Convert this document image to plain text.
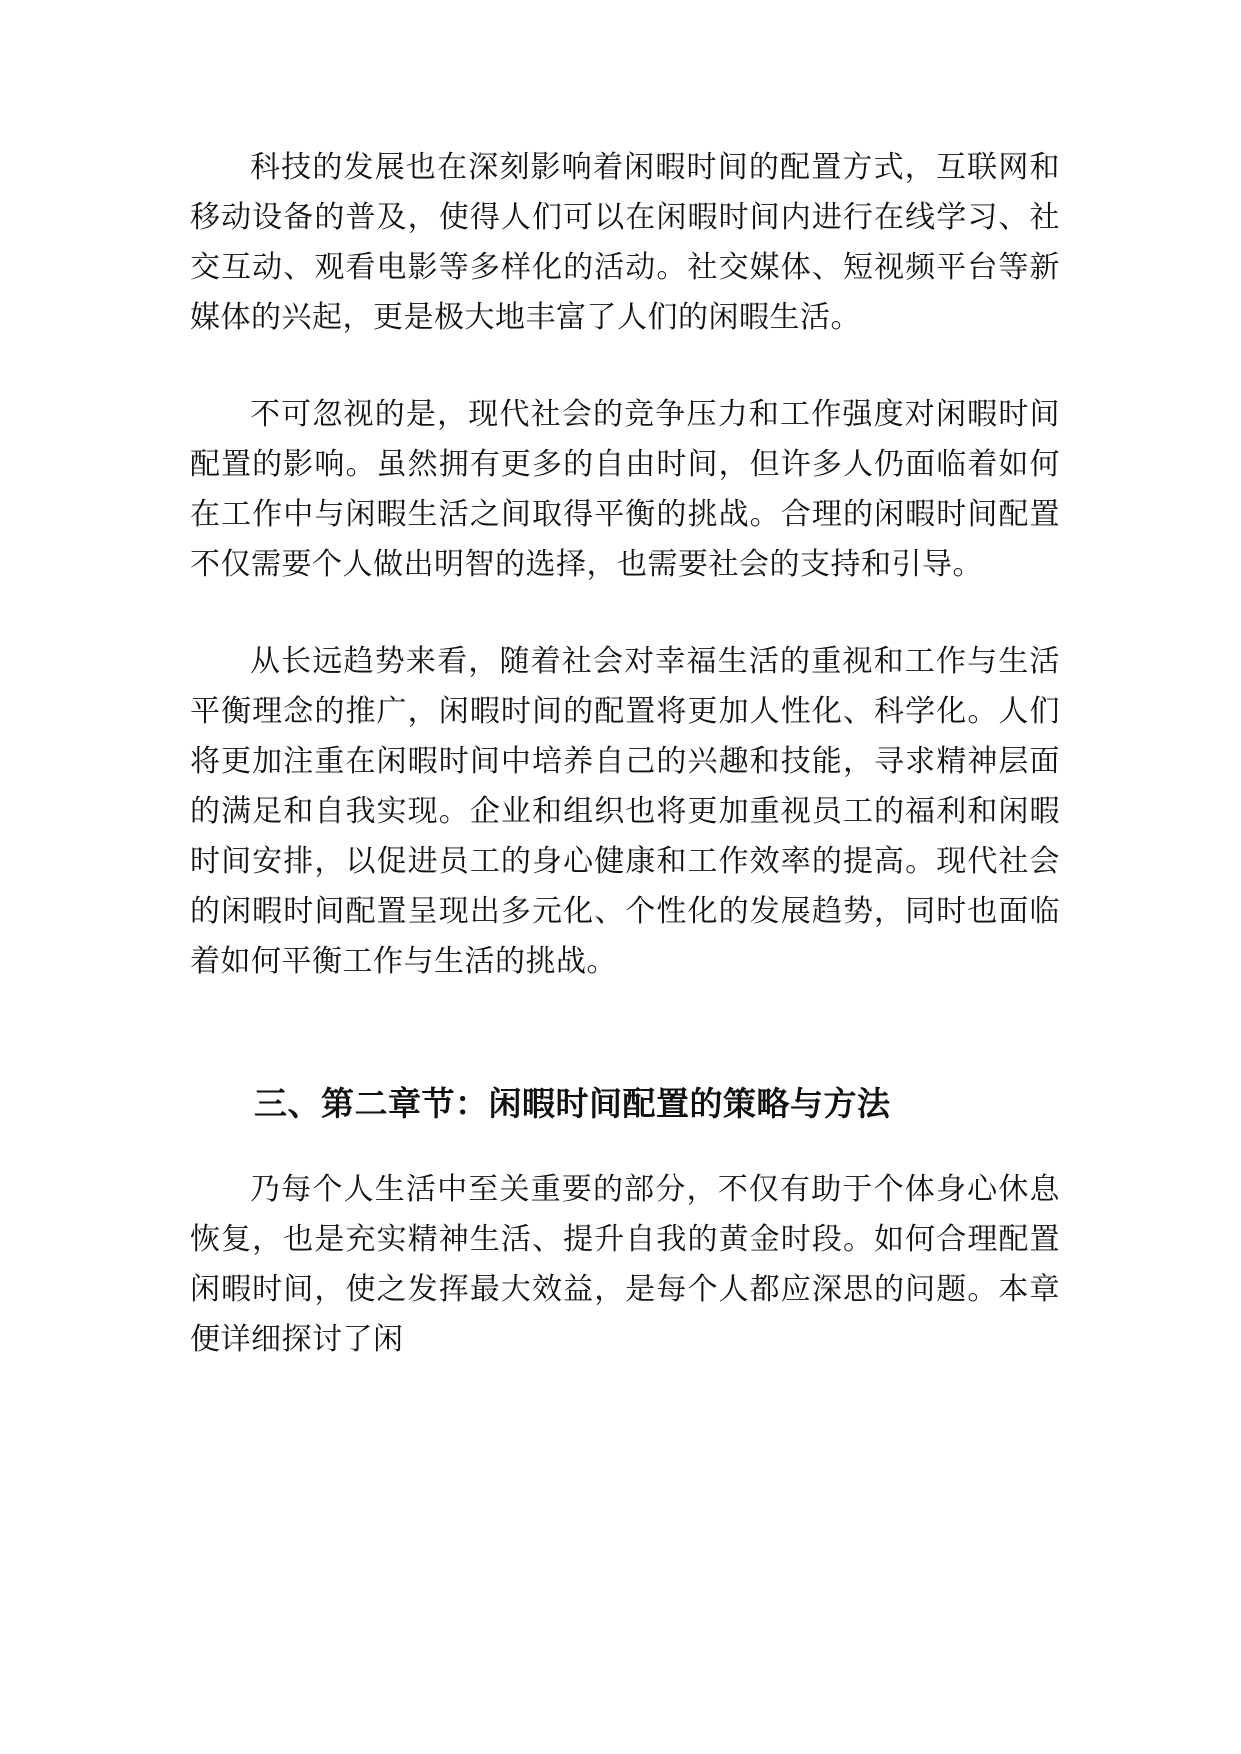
科技的发展也在深刻影响着闲暇时间的配置方式，互联网和移动设备的普及，使得人们可以在闲暇时间内进行在线学习、社交互动、观看电影等多样化的活动。社交媒体、短视频平台等新媒体的兴起，更是极大地丰富了人们的闲暇生活。

不可忽视的是，现代社会的竞争压力和工作强度对闲暇时间配置的影响。虽然拥有更多的自由时间，但许多人仍面临着如何在工作中与闲暇生活之间取得平衡的挑战。合理的闲暇时间配置不仅需要个人做出明智的选择，也需要社会的支持和引导。

从长远趋势来看，随着社会对幸福生活的重视和工作与生活平衡理念的推广，闲暇时间的配置将更加人性化、科学化。人们将更加注重在闲暇时间中培养自己的兴趣和技能，寻求精神层面的满足和自我实现。企业和组织也将更加重视员工的福利和闲暇时间安排，以促进员工的身心健康和工作效率的提高。现代社会的闲暇时间配置呈现出多元化、个性化的发展趋势，同时也面临着如何平衡工作与生活的挑战。

三、第二章节：闲暇时间配置的策略与方法

乃每个人生活中至关重要的部分，不仅有助于个体身心休息恢复，也是充实精神生活、提升自我的黄金时段。如何合理配置闲暇时间，使之发挥最大效益，是每个人都应深思的问题。本章便详细探讨了闲
